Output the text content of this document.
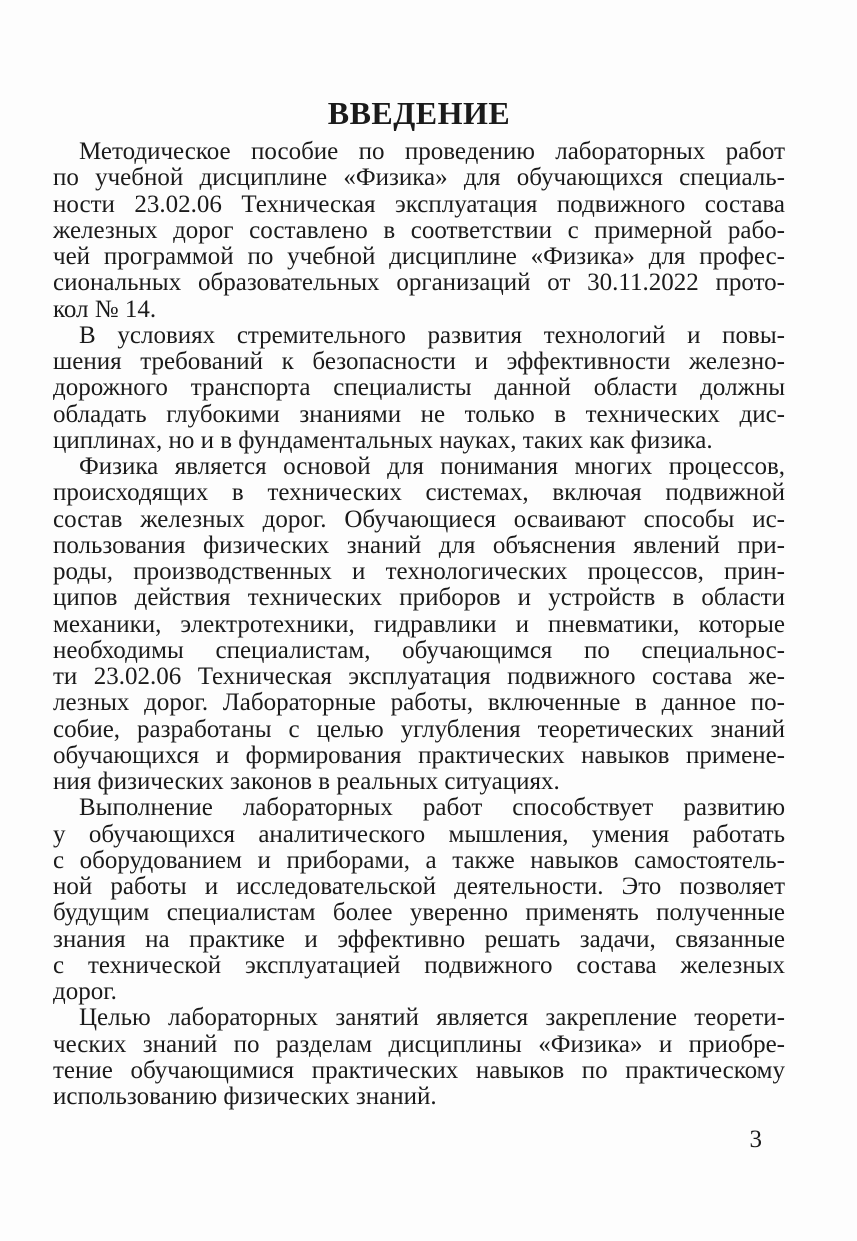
ВВЕДЕНИЕ
Методическое пособие по проведению лабораторных работ
по учебной дисциплине «Физика» для обучающихся специаль-
ности 23.02.06 Техническая эксплуатация подвижного состава
железных дорог составлено в соответствии с примерной рабо-
чей программой по учебной дисциплине «Физика» для профес-
сиональных образовательных организаций от 30.11.2022 прото-
кол № 14.
В условиях стремительного развития технологий и повы-
шения требований к безопасности и эффективности железно-
дорожного транспорта специалисты данной области должны
обладать глубокими знаниями не только в технических дис-
циплинах, но и в фундаментальных науках, таких как физика.
Физика является основой для понимания многих процессов,
происходящих в технических системах, включая подвижной
состав железных дорог. Обучающиеся осваивают способы ис-
пользования физических знаний для объяснения явлений при-
роды, производственных и технологических процессов, прин-
ципов действия технических приборов и устройств в области
механики, электротехники, гидравлики и пневматики, которые
необходимы специалистам, обучающимся по специальнос-
ти 23.02.06 Техническая эксплуатация подвижного состава же-
лезных дорог. Лабораторные работы, включенные в данное по-
собие, разработаны с целью углубления теоретических знаний
обучающихся и формирования практических навыков примене-
ния физических законов в реальных ситуациях.
Выполнение лабораторных работ способствует развитию
у обучающихся аналитического мышления, умения работать
с оборудованием и приборами, а также навыков самостоятель-
ной работы и исследовательской деятельности. Это позволяет
будущим специалистам более уверенно применять полученные
знания на практике и эффективно решать задачи, связанные
с технической эксплуатацией подвижного состава железных
дорог.
Целью лабораторных занятий является закрепление теорети-
ческих знаний по разделам дисциплины «Физика» и приобре-
тение обучающимися практических навыков по практическому
использованию физических знаний.
3
